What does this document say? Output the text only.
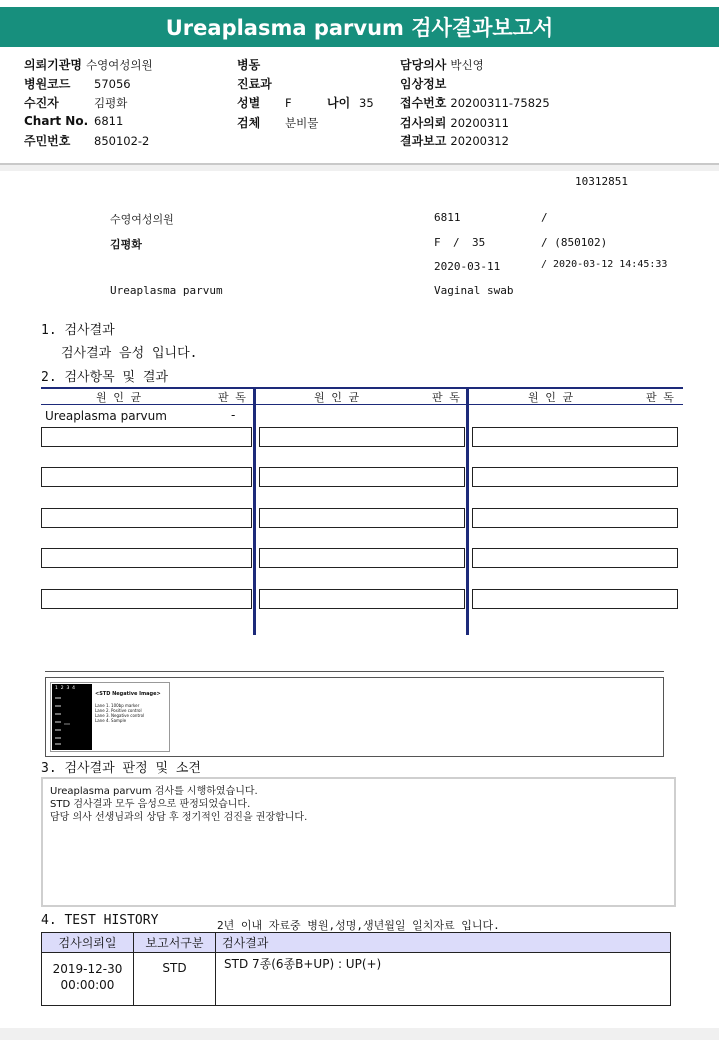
Ureaplasma parvum 검사결과보고서
의뢰기관명 수영여성의원
병원코드 57056
수진자	김평화
Chart No. 6811
주민번호 850102-2
병동
진료과
성별 F	나이 35
검체 분비물
담당의사 박신영
임상정보
접수번호 20200311-75825
검사의뢰 20200311
결과보고 20200312
10312851
수영여성의원
김평화
Ureaplasma parvum
6811	/
F / 35	/ (850102)
2020-03-11	/ 2020-03-12 14:45:33
Vaginal swab
1. 검사결과
검사결과 음성 입니다.
2. 검사항목 및 결과
원 인 균	판 독	원 인 균	판 독	원 인 균	판 독
Ureaplasma parvum	-
1  2  3  4
<STD Negative Image>
Lane 1. 100bp marker
Lane 2. Positive control
Lane 3. Negative control
Lane 4. Sample
3. 검사결과 판정 및 소견
Ureaplasma parvum 검사를 시행하였습니다.
STD 검사결과 모두 음성으로 판정되었습니다.
담당 의사 선생님과의 상담 후 정기적인 검진을 권장합니다.
4. TEST HISTORY	2년 이내 자료중 병원,성명,생년월일 일치자료 입니다.
검사의뢰일	보고서구분	검사결과

2019-12-30
00:00:00	STD	STD 7종(6종B+UP) : UP(+)
